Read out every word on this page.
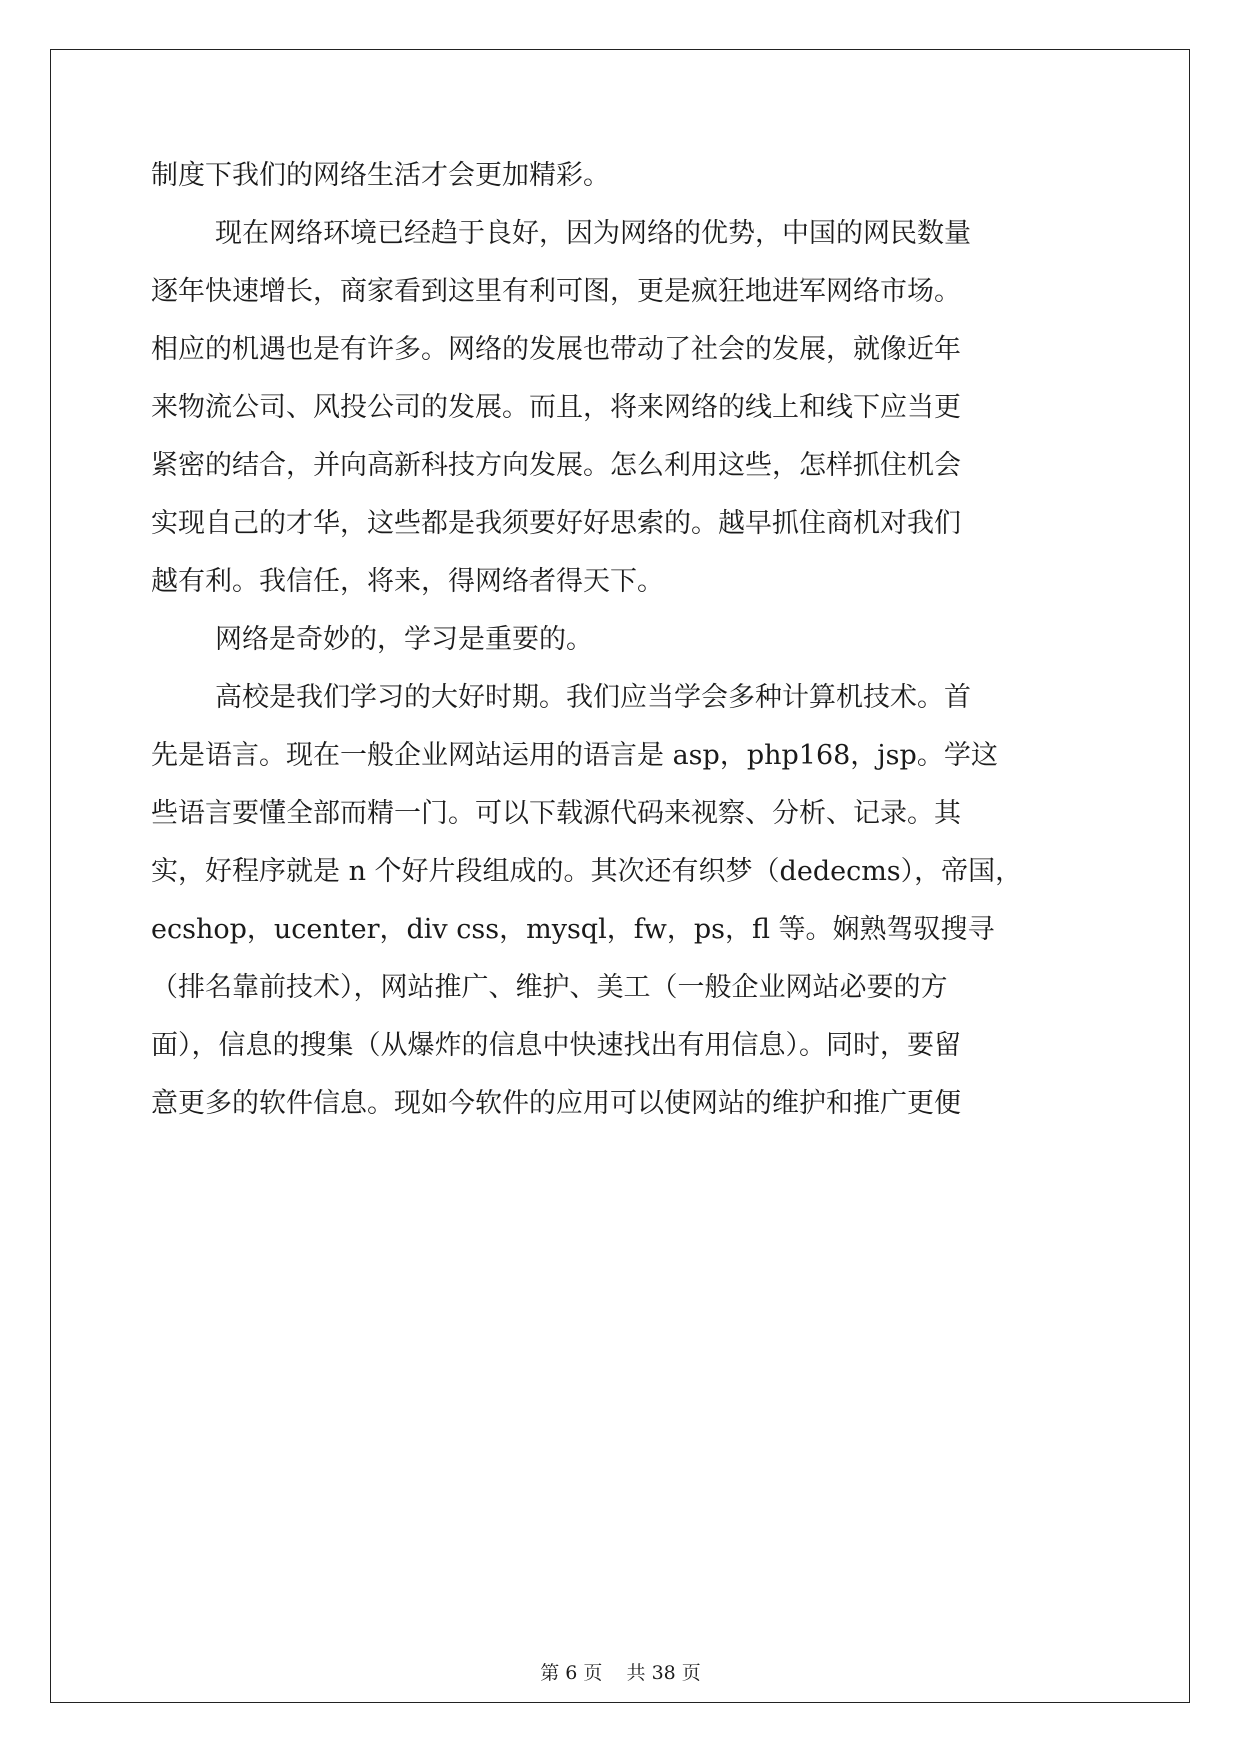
制度下我们的网络生活才会更加精彩。
现在网络环境已经趋于良好，因为网络的优势，中国的网民数量
逐年快速增长，商家看到这里有利可图，更是疯狂地进军网络市场。
相应的机遇也是有许多。网络的发展也带动了社会的发展，就像近年
来物流公司、风投公司的发展。而且，将来网络的线上和线下应当更
紧密的结合，并向高新科技方向发展。怎么利用这些，怎样抓住机会
实现自己的才华，这些都是我须要好好思索的。越早抓住商机对我们
越有利。我信任，将来，得网络者得天下。
网络是奇妙的，学习是重要的。
高校是我们学习的大好时期。我们应当学会多种计算机技术。首
先是语言。现在一般企业网站运用的语言是 asp，php168，jsp。学这
些语言要懂全部而精一门。可以下载源代码来视察、分析、记录。其
实，好程序就是 n 个好片段组成的。其次还有织梦（dedecms），帝国，
ecshop，ucenter，div css，mysql，fw，ps，fl 等。娴熟驾驭搜寻
（排名靠前技术），网站推广、维护、美工（一般企业网站必要的方
面），信息的搜集（从爆炸的信息中快速找出有用信息）。同时，要留
意更多的软件信息。现如今软件的应用可以使网站的维护和推广更便
第 6 页 共 38 页
